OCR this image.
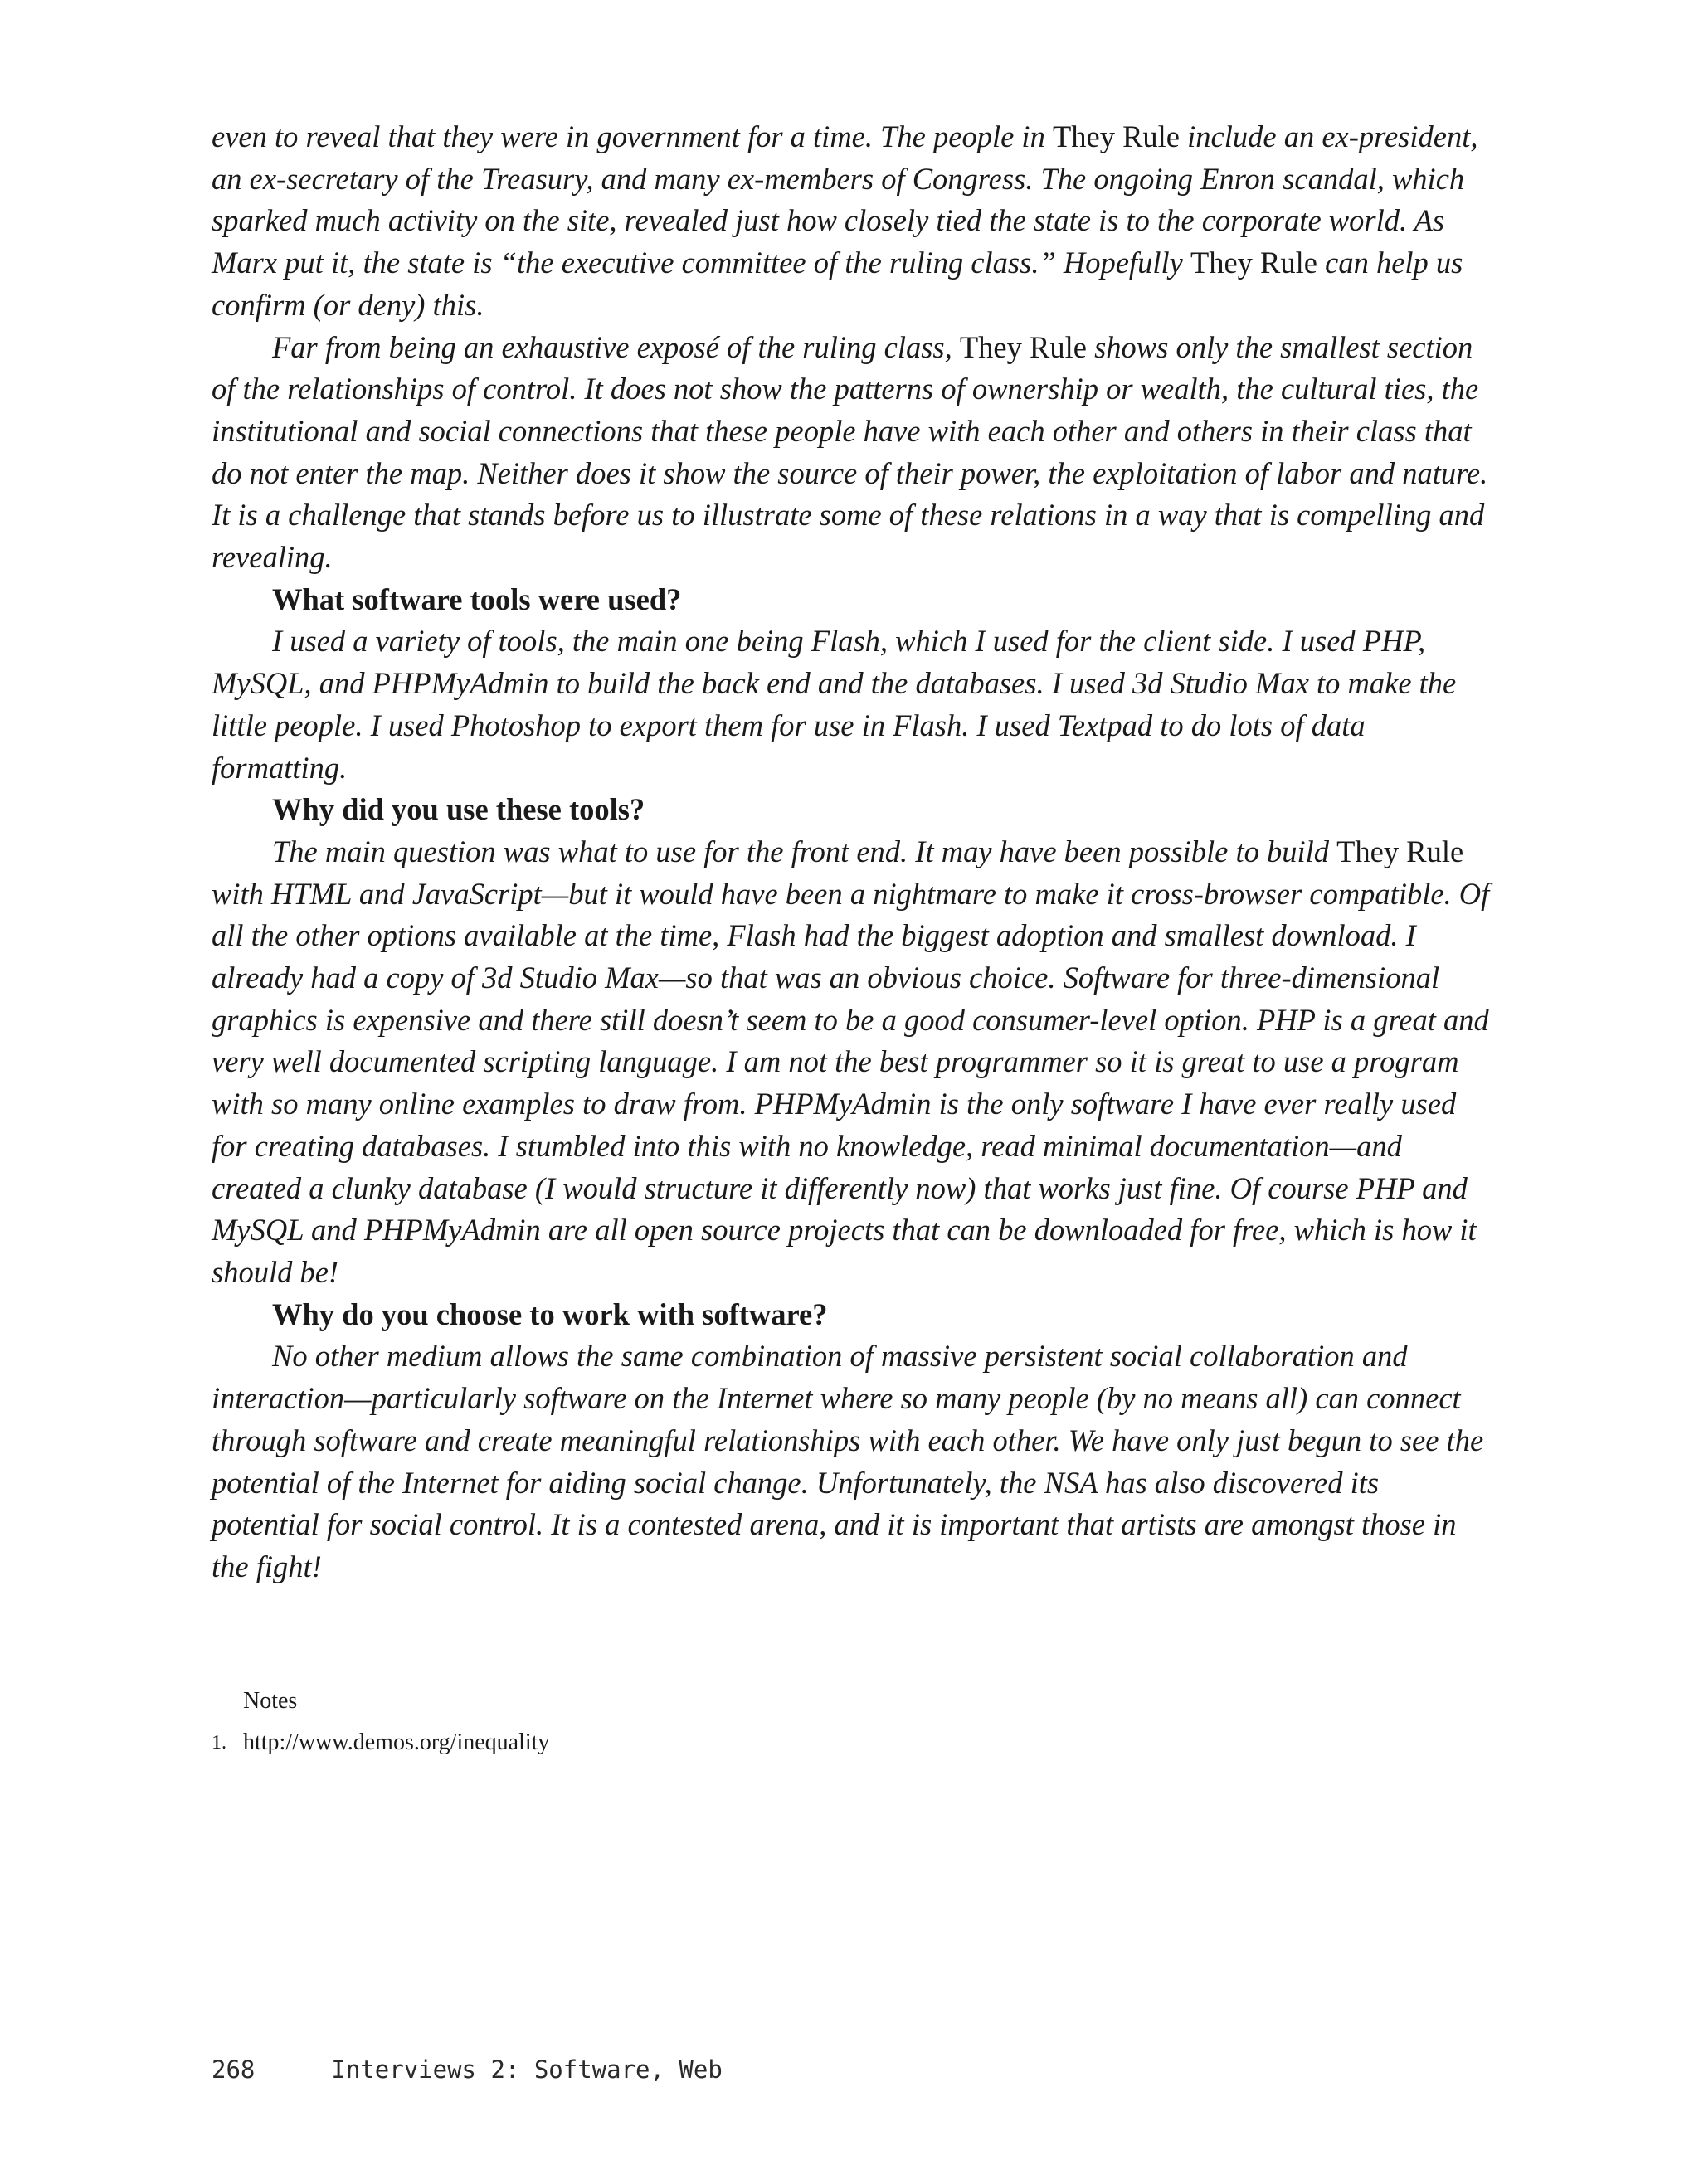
even to reveal that they were in government for a time. The people in They Rule include an ex-president, an ex-secretary of the Treasury, and many ex-members of Congress. The ongoing Enron scandal, which sparked much activity on the site, revealed just how closely tied the state is to the corporate world. As Marx put it, the state is “the executive committee of the ruling class.” Hopefully They Rule can help us confirm (or deny) this.

Far from being an exhaustive exposé of the ruling class, They Rule shows only the smallest section of the relationships of control. It does not show the patterns of ownership or wealth, the cultural ties, the institutional and social connections that these people have with each other and others in their class that do not enter the map. Neither does it show the source of their power, the exploitation of labor and nature. It is a challenge that stands before us to illustrate some of these relations in a way that is compelling and revealing.

What software tools were used?

I used a variety of tools, the main one being Flash, which I used for the client side. I used PHP, MySQL, and PHPMyAdmin to build the back end and the databases. I used 3d Studio Max to make the little people. I used Photoshop to export them for use in Flash. I used Textpad to do lots of data formatting.

Why did you use these tools?

The main question was what to use for the front end. It may have been possible to build They Rule with HTML and JavaScript—but it would have been a nightmare to make it cross-browser compatible. Of all the other options available at the time, Flash had the biggest adoption and smallest download. I already had a copy of 3d Studio Max—so that was an obvious choice. Software for three-dimensional graphics is expensive and there still doesn’t seem to be a good consumer-level option. PHP is a great and very well documented scripting language. I am not the best programmer so it is great to use a program with so many online examples to draw from. PHPMyAdmin is the only software I have ever really used for creating databases. I stumbled into this with no knowledge, read minimal documentation—and created a clunky database (I would structure it differently now) that works just fine. Of course PHP and MySQL and PHPMyAdmin are all open source projects that can be downloaded for free, which is how it should be!

Why do you choose to work with software?

No other medium allows the same combination of massive persistent social collaboration and interaction—particularly software on the Internet where so many people (by no means all) can connect through software and create meaningful relationships with each other. We have only just begun to see the potential of the Internet for aiding social change. Unfortunately, the NSA has also discovered its potential for social control. It is a contested arena, and it is important that artists are amongst those in the fight!

Notes
1. http://www.demos.org/inequality
268	Interviews 2: Software, Web
